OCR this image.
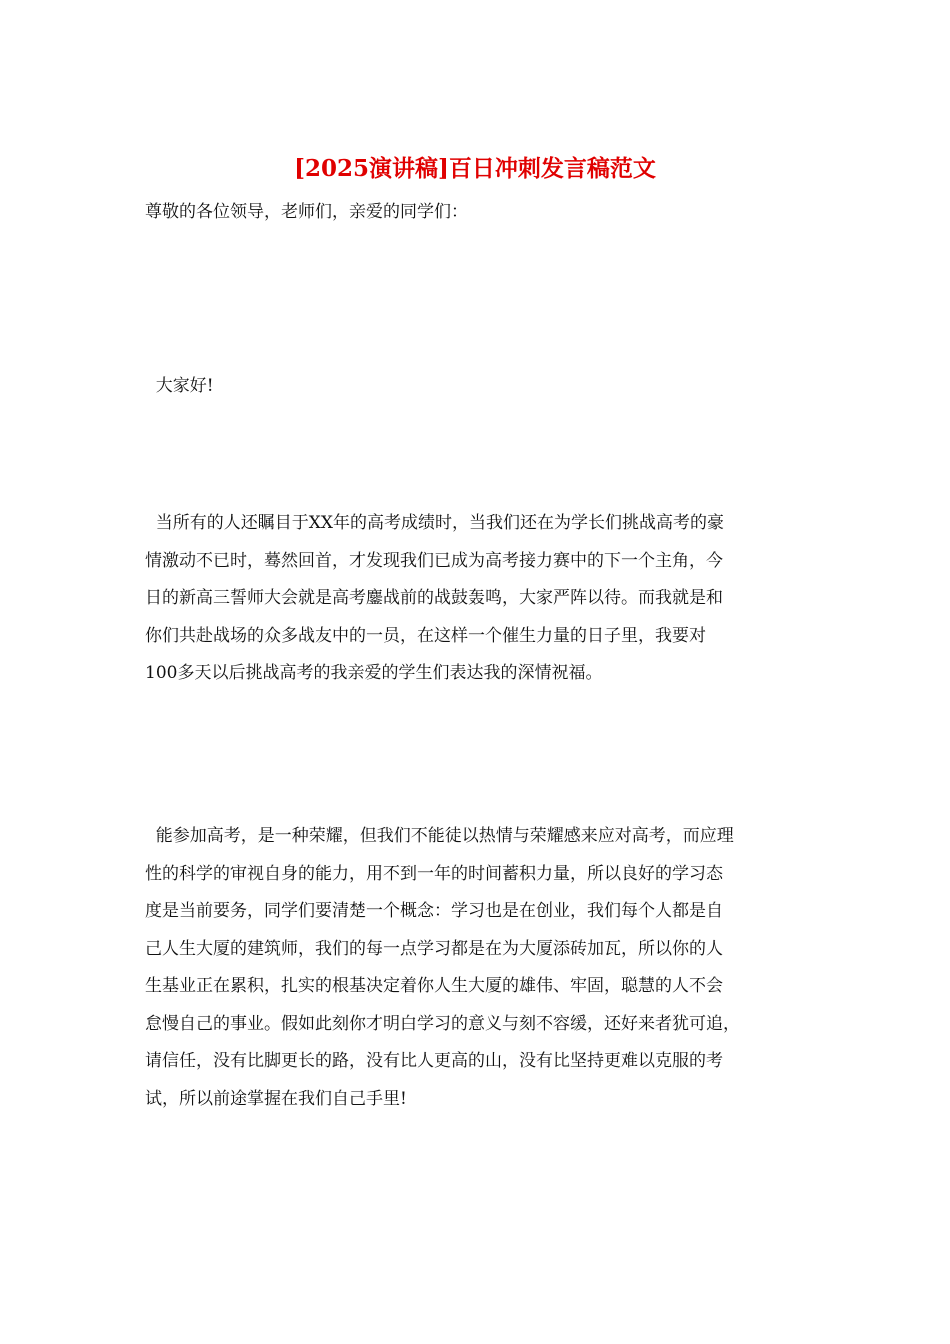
[2025演讲稿]百日冲刺发言稿范文

尊敬的各位领导，老师们，亲爱的同学们：

大家好!

当所有的人还瞩目于XX年的高考成绩时，当我们还在为学长们挑战高考的豪
情激动不已时，蓦然回首，才发现我们已成为高考接力赛中的下一个主角，今
日的新高三誓师大会就是高考鏖战前的战鼓轰鸣，大家严阵以待。而我就是和
你们共赴战场的众多战友中的一员，在这样一个催生力量的日子里，我要对
100多天以后挑战高考的我亲爱的学生们表达我的深情祝福。

能参加高考，是一种荣耀，但我们不能徒以热情与荣耀感来应对高考，而应理
性的科学的审视自身的能力，用不到一年的时间蓄积力量，所以良好的学习态
度是当前要务，同学们要清楚一个概念：学习也是在创业，我们每个人都是自
己人生大厦的建筑师，我们的每一点学习都是在为大厦添砖加瓦，所以你的人
生基业正在累积，扎实的根基决定着你人生大厦的雄伟、牢固，聪慧的人不会
怠慢自己的事业。假如此刻你才明白学习的意义与刻不容缓，还好来者犹可追，
请信任，没有比脚更长的路，没有比人更高的山，没有比坚持更难以克服的考
试，所以前途掌握在我们自己手里!
